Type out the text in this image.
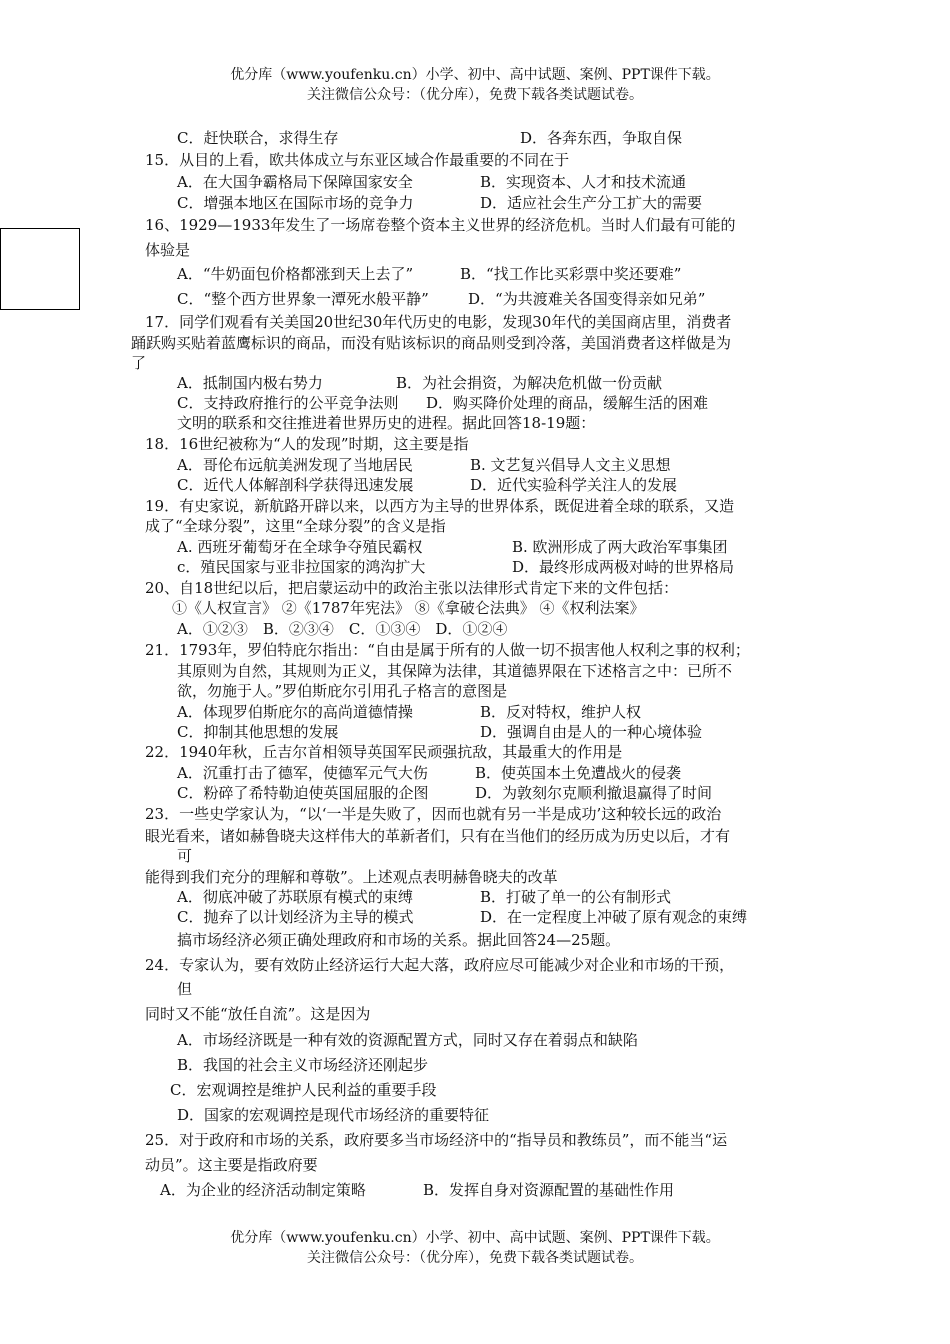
优分库（www.youfenku.cn）小学、初中、高中试题、案例、PPT课件下载。
关注微信公众号：（优分库），免费下载各类试题试卷。
C．赶快联合，求得生存	D．各奔东西，争取自保
15．从目的上看，欧共体成立与东亚区域合作最重要的不同在于
A．在大国争霸格局下保障国家安全	B．实现资本、人才和技术流通
C．增强本地区在国际市场的竞争力	D．适应社会生产分工扩大的需要
16、1929—1933年发生了一场席卷整个资本主义世界的经济危机。当时人们最有可能的
体验是
A．“牛奶面包价格都涨到天上去了”	B．“找工作比买彩票中奖还要难”
C．“整个西方世界象一潭死水般平静”	D．“为共渡难关各国变得亲如兄弟”
17．同学们观看有关美国20世纪30年代历史的电影，发现30年代的美国商店里，消费者
踊跃购买贴着蓝鹰标识的商品，而没有贴该标识的商品则受到冷落，美国消费者这样做是为
了
A．抵制国内极右势力	B．为社会捐资，为解决危机做一份贡献
C．支持政府推行的公平竞争法则 D．购买降价处理的商品，缓解生活的困难
文明的联系和交往推进着世界历史的进程。据此回答18-19题：
18．16世纪被称为“人的发现”时期，这主要是指
A．哥伦布远航美洲发现了当地居民	B. 文艺复兴倡导人文主义思想
C．近代人体解剖科学获得迅速发展	D．近代实验科学关注人的发展
19．有史家说，新航路开辟以来，以西方为主导的世界体系，既促进着全球的联系，又造
成了“全球分裂”，这里“全球分裂”的含义是指
A. 西班牙葡萄牙在全球争夺殖民霸权	B. 欧洲形成了两大政治军事集团
c．殖民国家与亚非拉国家的鸿沟扩大	D．最终形成两极对峙的世界格局
20、自18世纪以后，把启蒙运动中的政治主张以法律形式肯定下来的文件包括：
①《人权宣言》 ②《1787年宪法》 ⑧《拿破仑法典》 ④《权利法案》
A．①②③　B．②③④　C．①③④　D．①②④
21．1793年，罗伯特庇尔指出：“自由是属于所有的人做一切不损害他人权利之事的权利；
其原则为自然，其规则为正义，其保障为法律，其道德界限在下述格言之中：已所不
欲，勿施于人。”罗伯斯庇尔引用孔子格言的意图是
A．体现罗伯斯庇尔的高尚道德情操	B．反对特权，维护人权
C．抑制其他思想的发展	D．强调自由是人的一种心境体验
22．1940年秋，丘吉尔首相领导英国军民顽强抗敌，其最重大的作用是
A．沉重打击了德军，使德军元气大伤	B．使英国本土免遭战火的侵袭
C．粉碎了希特勒迫使英国屈服的企图	D．为敦刻尔克顺利撤退赢得了时间
23．一些史学家认为，“以‘一半是失败了，因而也就有另一半是成功’这种较长远的政治
眼光看来，诸如赫鲁晓夫这样伟大的革新者们，只有在当他们的经历成为历史以后，才有
可
能得到我们充分的理解和尊敬”。上述观点表明赫鲁晓夫的改革
A．彻底冲破了苏联原有模式的束缚	B．打破了单一的公有制形式
C．抛弃了以计划经济为主导的模式	D．在一定程度上冲破了原有观念的束缚
搞市场经济必须正确处理政府和市场的关系。据此回答24—25题。
24．专家认为，要有效防止经济运行大起大落，政府应尽可能减少对企业和市场的干预，
但
同时又不能“放任自流”。这是因为
A．市场经济既是一种有效的资源配置方式，同时又存在着弱点和缺陷
B．我国的社会主义市场经济还刚起步
C．宏观调控是维护人民利益的重要手段
D．国家的宏观调控是现代市场经济的重要特征
25．对于政府和市场的关系，政府要多当市场经济中的“指导员和教练员”，而不能当“运
动员”。这主要是指政府要
A．为企业的经济活动制定策略	B．发挥自身对资源配置的基础性作用
优分库（www.youfenku.cn）小学、初中、高中试题、案例、PPT课件下载。
关注微信公众号：（优分库），免费下载各类试题试卷。
